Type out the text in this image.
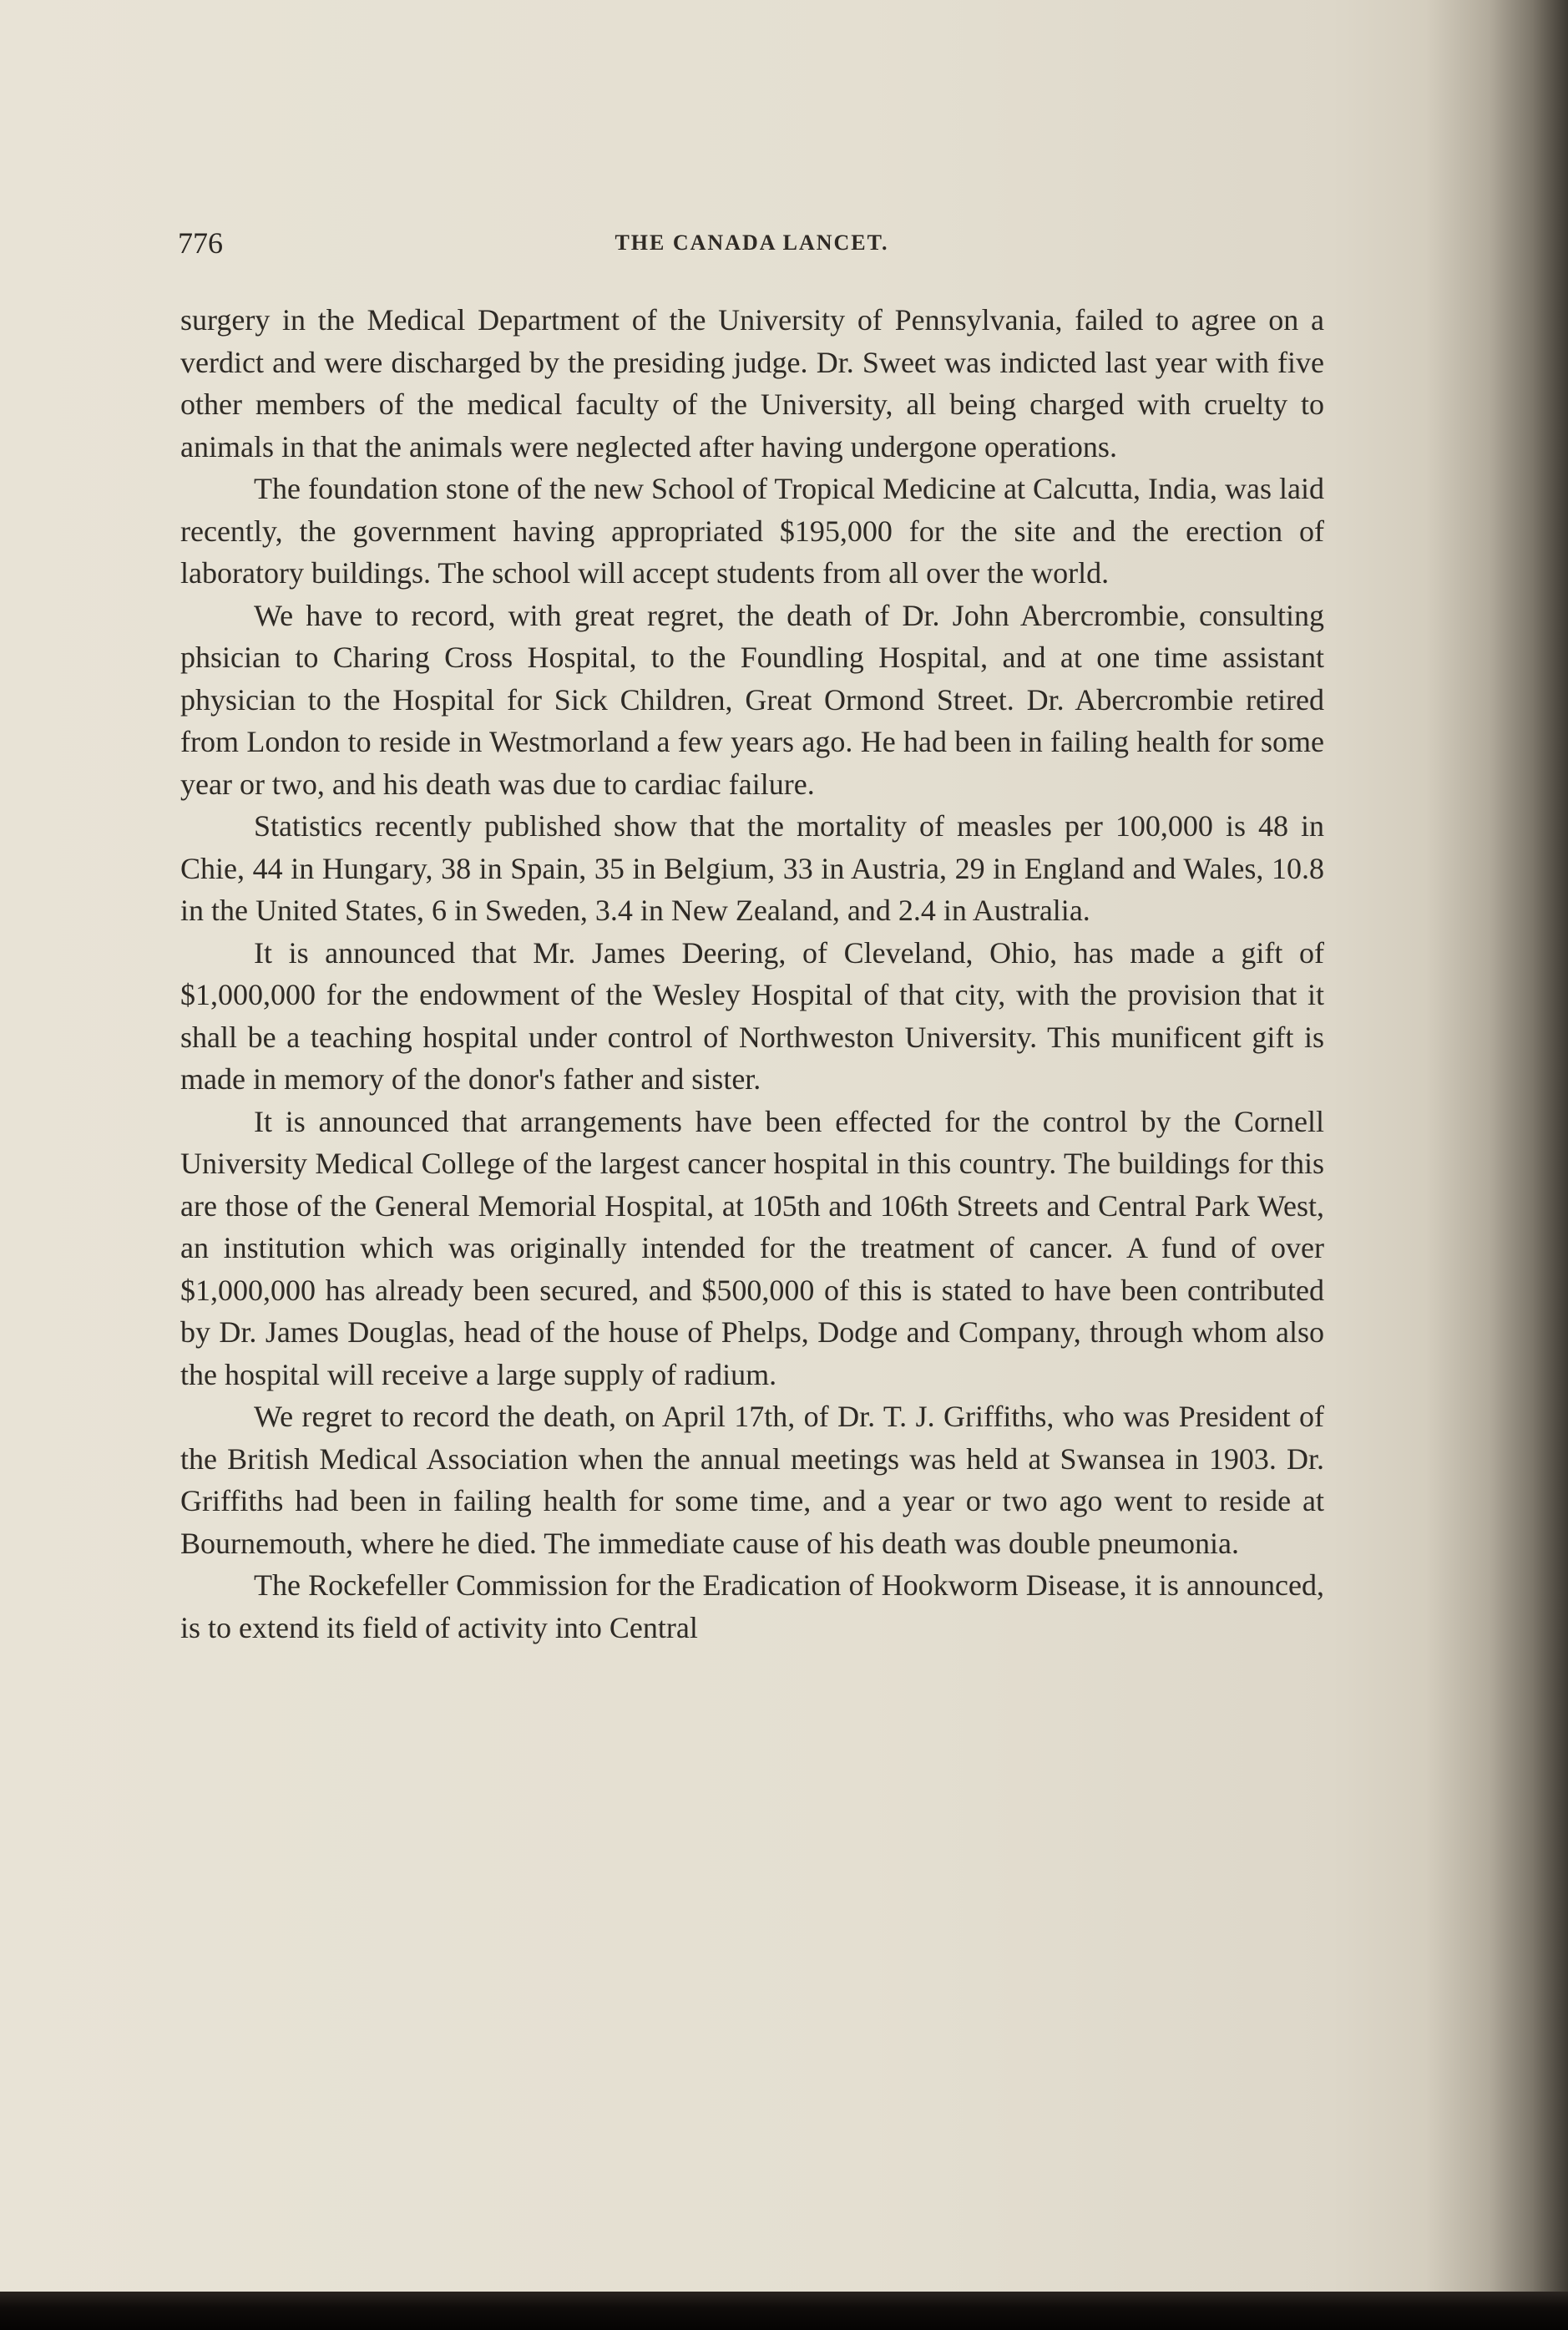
776	THE CANADA LANCET.

surgery in the Medical Department of the University of Pennsylvania, failed to agree on a verdict and were discharged by the presiding judge. Dr. Sweet was indicted last year with five other members of the medical faculty of the University, all being charged with cruelty to animals in that the animals were neglected after having undergone operations.

The foundation stone of the new School of Tropical Medicine at Calcutta, India, was laid recently, the government having appropriated $195,000 for the site and the erection of laboratory buildings. The school will accept students from all over the world.

We have to record, with great regret, the death of Dr. John Abercrombie, consulting phsician to Charing Cross Hospital, to the Foundling Hospital, and at one time assistant physician to the Hospital for Sick Children, Great Ormond Street. Dr. Abercrombie retired from London to reside in Westmorland a few years ago. He had been in failing health for some year or two, and his death was due to cardiac failure.

Statistics recently published show that the mortality of measles per 100,000 is 48 in Chie, 44 in Hungary, 38 in Spain, 35 in Belgium, 33 in Austria, 29 in England and Wales, 10.8 in the United States, 6 in Sweden, 3.4 in New Zealand, and 2.4 in Australia.

It is announced that Mr. James Deering, of Cleveland, Ohio, has made a gift of $1,000,000 for the endowment of the Wesley Hospital of that city, with the provision that it shall be a teaching hospital under control of Northweston University. This munificent gift is made in memory of the donor's father and sister.

It is announced that arrangements have been effected for the control by the Cornell University Medical College of the largest cancer hospital in this country. The buildings for this are those of the General Memorial Hospital, at 105th and 106th Streets and Central Park West, an institution which was originally intended for the treatment of cancer. A fund of over $1,000,000 has already been secured, and $500,000 of this is stated to have been contributed by Dr. James Douglas, head of the house of Phelps, Dodge and Company, through whom also the hospital will receive a large supply of radium.

We regret to record the death, on April 17th, of Dr. T. J. Griffiths, who was President of the British Medical Association when the annual meetings was held at Swansea in 1903. Dr. Griffiths had been in failing health for some time, and a year or two ago went to reside at Bournemouth, where he died. The immediate cause of his death was double pneumonia.

The Rockefeller Commission for the Eradication of Hookworm Disease, it is announced, is to extend its field of activity into Central
